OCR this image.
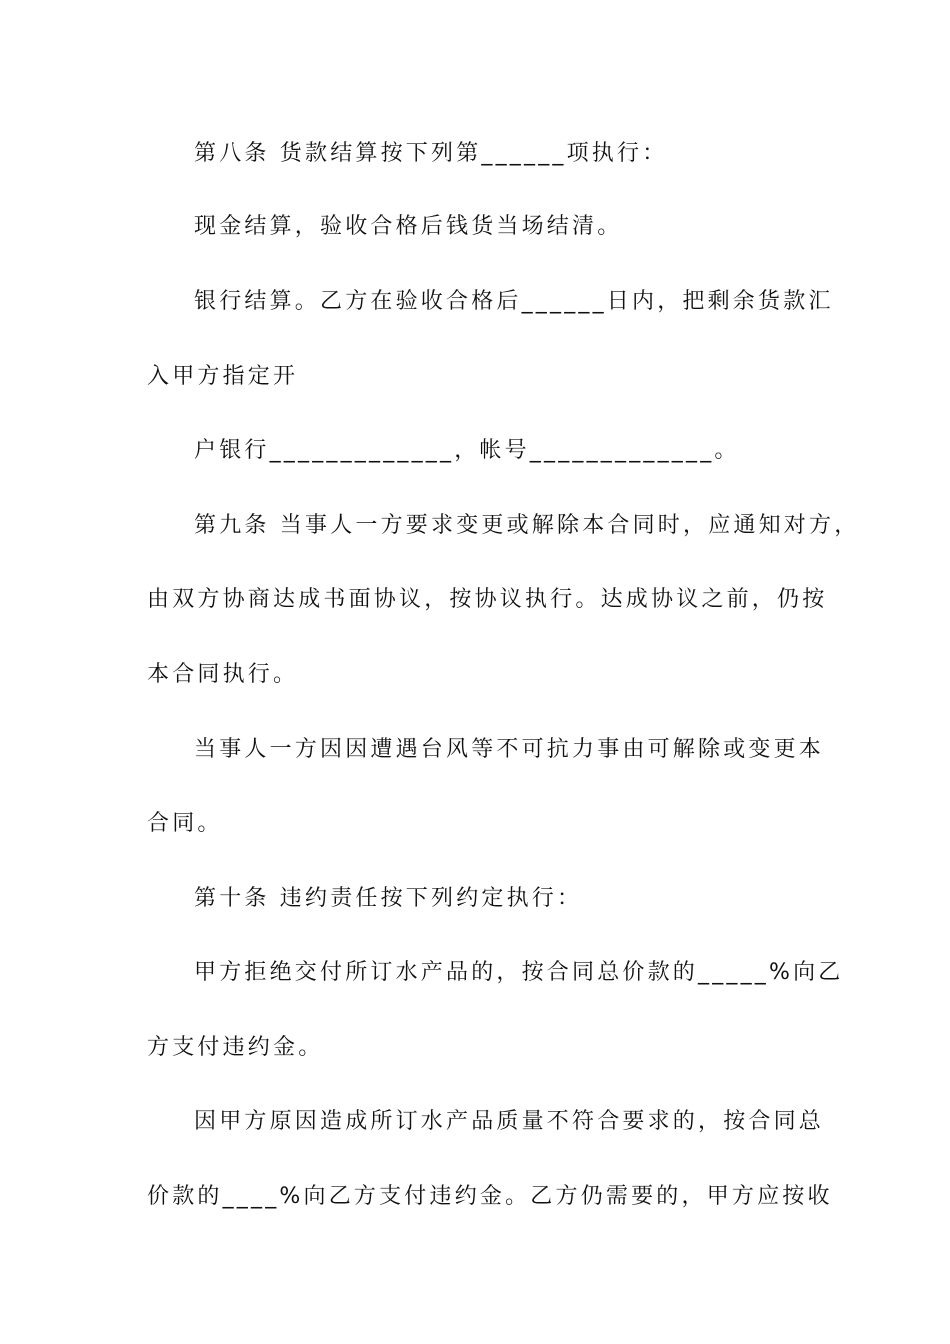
第八条 货款结算按下列第______项执行：
现金结算，验收合格后钱货当场结清。
银行结算。乙方在验收合格后______日内，把剩余货款汇
入甲方指定开
户银行_____________，帐号_____________。
第九条 当事人一方要求变更或解除本合同时，应通知对方，
由双方协商达成书面协议，按协议执行。达成协议之前，仍按
本合同执行。
当事人一方因因遭遇台风等不可抗力事由可解除或变更本
合同。
第十条 违约责任按下列约定执行：
甲方拒绝交付所订水产品的，按合同总价款的_____%向乙
方支付违约金。
因甲方原因造成所订水产品质量不符合要求的，按合同总
价款的____%向乙方支付违约金。乙方仍需要的，甲方应按收
